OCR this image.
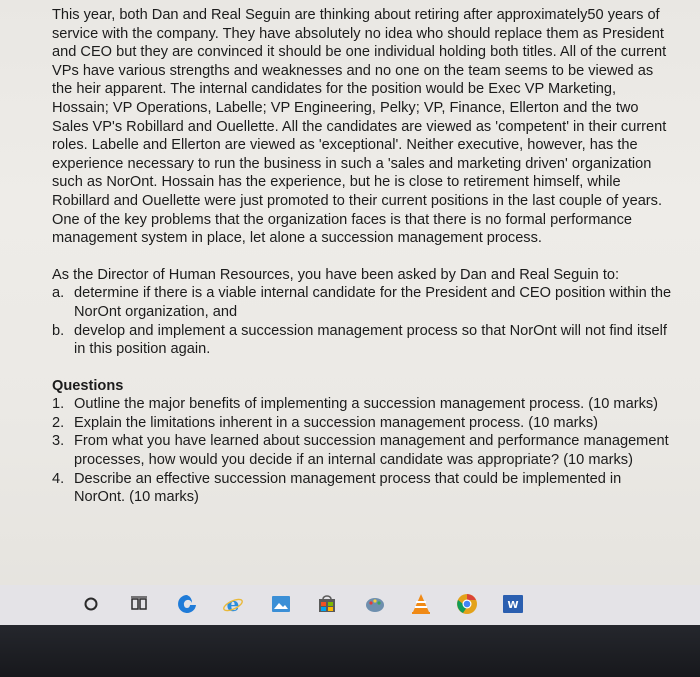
This year, both Dan and Real Seguin are thinking about retiring after approximately50 years of service with the company. They have absolutely no idea who should replace them as President and CEO but they are convinced it should be one individual holding both titles. All of the current VPs have various strengths and weaknesses and no one on the team seems to be viewed as the heir apparent. The internal candidates for the position would be Exec VP Marketing, Hossain; VP Operations, Labelle; VP Engineering, Pelky; VP, Finance, Ellerton and the two Sales VP's Robillard and Ouellette. All the candidates are viewed as 'competent' in their current roles. Labelle and Ellerton are viewed as 'exceptional'. Neither executive, however, has the experience necessary to run the business in such a 'sales and marketing driven' organization such as NorOnt. Hossain has the experience, but he is close to retirement himself, while Robillard and Ouellette were just promoted to their current positions in the last couple of years. One of the key problems that the organization faces is that there is no formal performance management system in place, let alone a succession management process.

As the Director of Human Resources, you have been asked by Dan and Real Seguin to:

a. determine if there is a viable internal candidate for the President and CEO position within the NorOnt organization, and
b. develop and implement a succession management process so that NorOnt will not find itself in this position again.

Questions

1. Outline the major benefits of implementing a succession management process. (10 marks)
2. Explain the limitations inherent in a succession management process. (10 marks)
3. From what you have learned about succession management and performance management processes, how would you decide if an internal candidate was appropriate? (10 marks)
4. Describe an effective succession management process that could be implemented in NorOnt. (10 marks)
e	W
